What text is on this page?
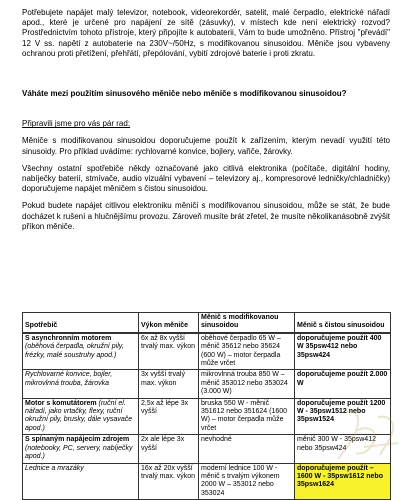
Potřebujete napájet malý televizor, notebook, videorekordér, satelit, malé čerpadlo, elektrické nářadí apod., které je určené pro napájení ze sítě (zásuvky), v místech kde není elektrický rozvod? Prostřednictvím tohoto přístroje, který připojíte k autobaterii, Vám to bude umožněno. Přístroj "převádí" 12 V ss. napětí z autobaterie na 230V~/50Hz, s modifikovanou sinusoidou. Měniče jsou vybaveny ochranou proti přetížení, přehřátí, přepólování, vybití zdrojové baterie i proti zkratu.

Váháte mezi použitím sinusového měniče nebo měniče s modifikovanou sinusoidou?

Připravili jsme pro vás pár rad:

Měniče s modifikovanou sinusoidou doporučujeme použít k zařízením, kterým nevadí využití této sinusoidy. Pro příklad uvádíme: rychlovarné konvice, bojlery, vařiče, žárovky.

Všechny ostatní spotřebiče někdy označované jako citlivá elektronika (počítače, digitální hodiny, nabíječky baterií, stmívače, audio vizuální vybavení – televizory aj., kompresorové ledničky/chladničky) doporučujeme napájet měničem s čistou sinusoidou.

Pokud budete napájet citlivou elektroniku měniči s modifikovanou sinusoidou, může se stát, že bude docházet k rušení a hlučnějšímu provozu. Zároveň musíte brát zřetel, že musíte několikanásobně zvýšit příkon měniče.

Spotřebič	Výkon měniče	Měnič s modifikovanou sinusoidou	Měnič s čistou sinusoidou
S asynchronním motorem (oběhová čerpadla, okružní pily, frézky, malé soustruhy apod.)	6x až 8x vyšší trvalý max. výkon	oběhové čerpadlo 65 W – měnič 35612 nebo 35624 (600 W) – motor čerpadla může vrčet	doporučujeme použít 400 W 35psw412 nebo 35psw424
Rychlovarné konvice, bojler, mikrovlnná trouba, žárovka	3x vyšší trvalý max. výkon	mikrovlnná trouba 850 W – měnič 353012 nebo 353024 (3.000 W)	doporučujeme použít 2.000 W
Motor s komutátorem (ruční el. nářadí, jako vrtačky, flexy, ruční okružní pily, brusky, dále vysavače apod.)	2,5x až lépe 3x vyšší	bruska 550 W - měnič 351612 nebo 351624 (1600 W) – motor čerpadla může vrčet	doporučujeme použít 1200 W - 35psw1512 nebo 35psw1524
S spínaným napájecím zdrojem (notebooky, PC, servery, nabíječky apod.)	2x ale lépe 3x vyšší	nevhodné	měnič 300 W - 35psw412 nebo 35psw424
Lednice a mrazáky	16x až 20x vyšší trvalý max. výkon	moderní lednice 100 W - měnič s trvalým výkonem 2000 W – 353012 nebo 353024	doporučujeme použít – 1600 W - 35psw1612 nebo 35psw1624
